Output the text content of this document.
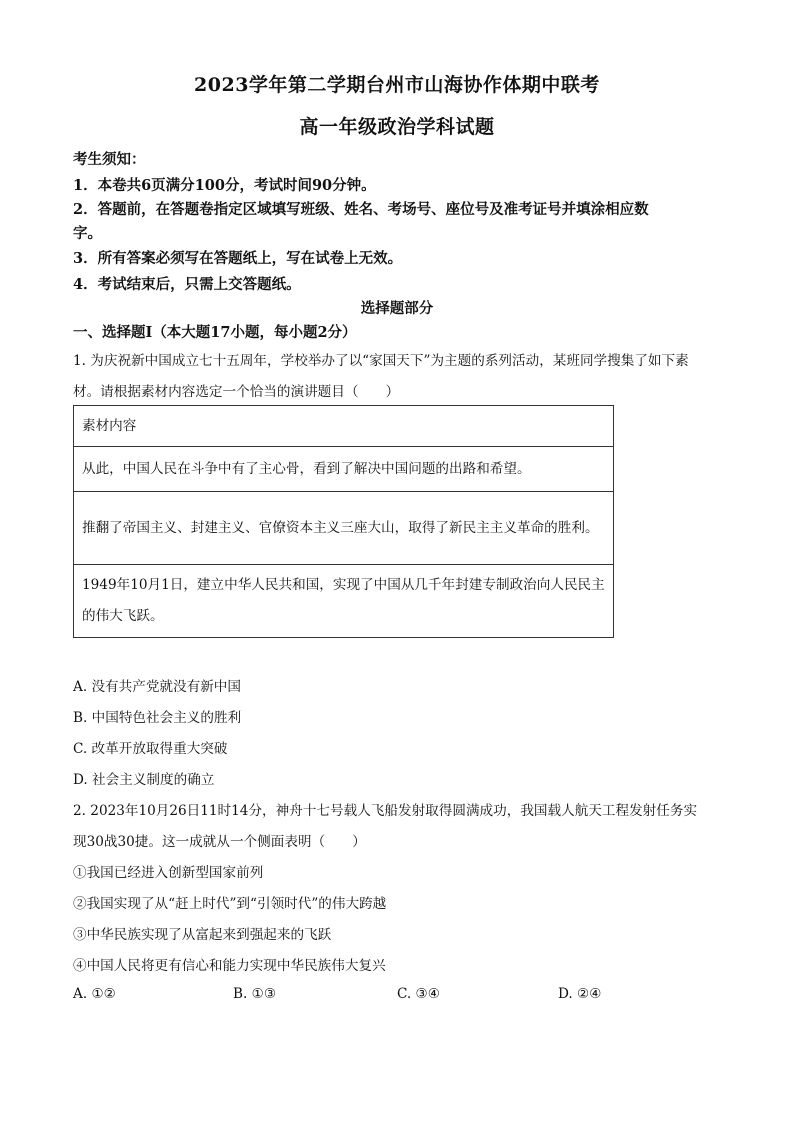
2023学年第二学期台州市山海协作体期中联考
高一年级政治学科试题
考生须知：
1．本卷共6页满分100分，考试时间90分钟。
2．答题前，在答题卷指定区域填写班级、姓名、考场号、座位号及准考证号并填涂相应数
字。
3．所有答案必须写在答题纸上，写在试卷上无效。
4．考试结束后，只需上交答题纸。
选择题部分
一、选择题Ⅰ（本大题17小题，每小题2分）
1. 为庆祝新中国成立七十五周年，学校举办了以“家国天下”为主题的系列活动，某班同学搜集了如下素
材。请根据素材内容选定一个恰当的演讲题目（　　）
素材内容
从此，中国人民在斗争中有了主心骨，看到了解决中国问题的出路和希望。
推翻了帝国主义、封建主义、官僚资本主义三座大山，取得了新民主主义革命的胜利。
1949年10月1日，建立中华人民共和国，实现了中国从几千年封建专制政治向人民民主的伟大飞跃。
A. 没有共产党就没有新中国
B. 中国特色社会主义的胜利
C. 改革开放取得重大突破
D. 社会主义制度的确立
2. 2023年10月26日11时14分，神舟十七号载人飞船发射取得圆满成功，我国载人航天工程发射任务实
现30战30捷。这一成就从一个侧面表明（　　）
①我国已经进入创新型国家前列
②我国实现了从“赶上时代”到“引领时代”的伟大跨越
③中华民族实现了从富起来到强起来的飞跃
④中国人民将更有信心和能力实现中华民族伟大复兴
A. ①②	B. ①③	C. ③④	D. ②④
